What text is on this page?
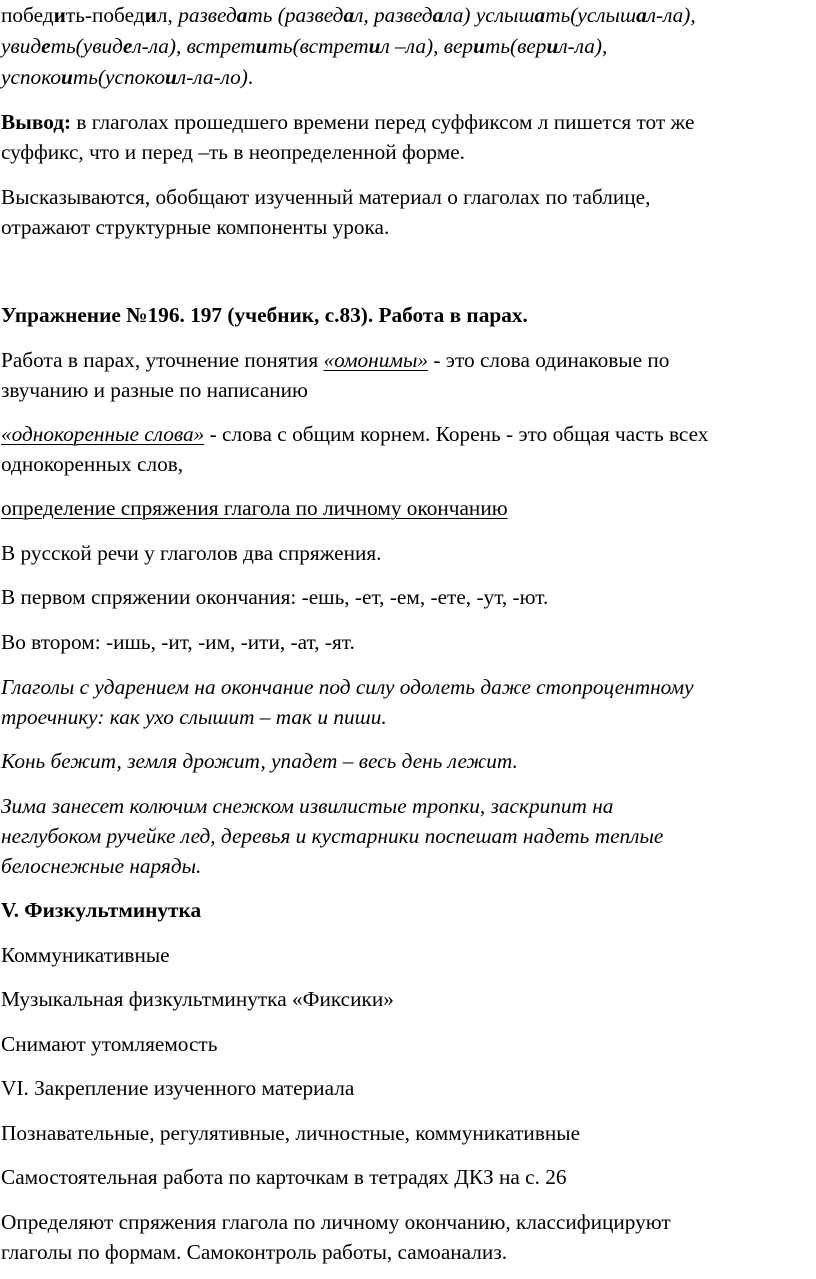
победить-победил, разведать (разведал, разведала) услышать(услышал-ла),
увидеть(увидел-ла), встретить(встретил –ла), верить(верил-ла),
успокоить(успокоил-ла-ло).
Вывод: в глаголах прошедшего времени перед суффиксом л пишется тот же
суффикс, что и перед –ть в неопределенной форме.
Высказываются, обобщают изученный материал о глаголах по таблице,
отражают структурные компоненты урока.
Упражнение №196. 197 (учебник, с.83). Работа в парах.
Работа в парах, уточнение понятия «омонимы» - это слова одинаковые по
звучанию и разные по написанию
«однокоренные слова» - слова с общим корнем. Корень - это общая часть всех
однокоренных слов,
определение спряжения глагола по личному окончанию
В русской речи у глаголов два спряжения.
В первом спряжении окончания: -ешь, -ет, -ем, -ете, -ут, -ют.
Во втором: -ишь, -ит, -им, -ити, -ат, -ят.
Глаголы с ударением на окончание под силу одолеть даже стопроцентному
троечнику: как ухо слышит – так и пиши.
Конь бежит, земля дрожит, упадет – весь день лежит.
Зима занесет колючим снежком извилистые тропки, заскрипит на
неглубоком ручейке лед, деревья и кустарники поспешат надеть теплые
белоснежные наряды.
V. Физкультминутка
Коммуникативные
Музыкальная физкультминутка «Фиксики»
Снимают утомляемость
VI. Закрепление изученного материала
Познавательные, регулятивные, личностные, коммуникативные
Самостоятельная работа по карточкам в тетрадях ДКЗ на с. 26
Определяют спряжения глагола по личному окончанию, классифицируют
глаголы по формам. Самоконтроль работы, самоанализ.
